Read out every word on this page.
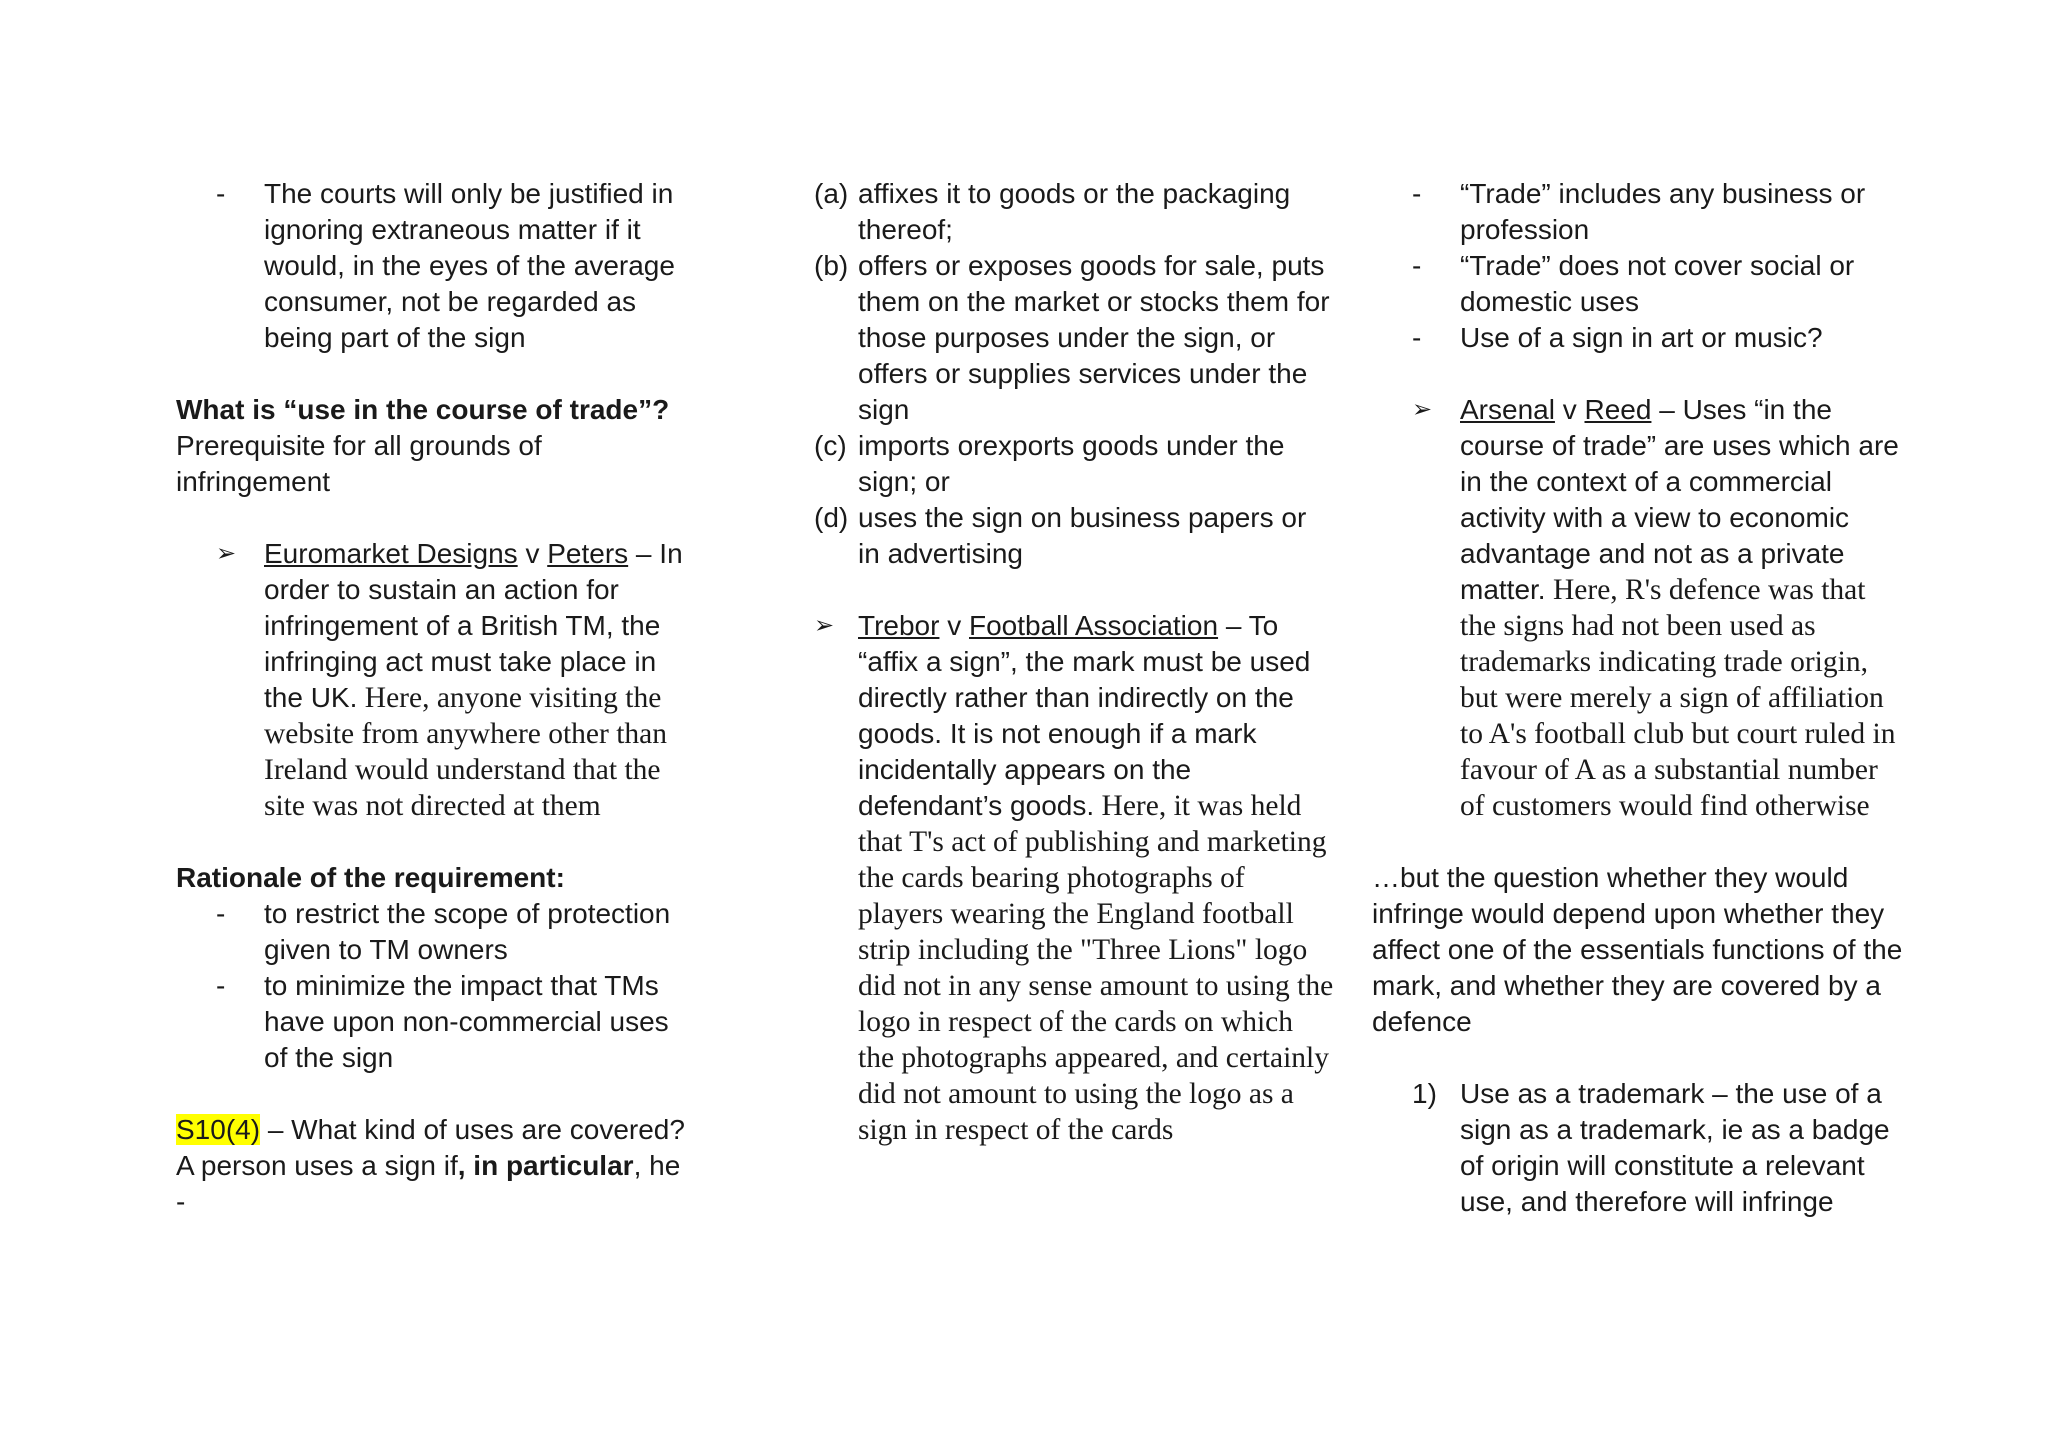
-	The courts will only be justified in ignoring extraneous matter if it would, in the eyes of the average consumer, not be regarded as being part of the sign

What is “use in the course of trade”?

Prerequisite for all grounds of infringement

➢ Euromarket Designs v Peters – In order to sustain an action for infringement of a British TM, the infringing act must take place in the UK. Here, anyone visiting the website from anywhere other than Ireland would understand that the site was not directed at them

Rationale of the requirement:

-	to restrict the scope of protection given to TM owners
-	to minimize the impact that TMs have upon non-commercial uses of the sign

S10(4) – What kind of uses are covered?

A person uses a sign if, in particular, he -

(a) affixes it to goods or the packaging thereof;
(b) offers or exposes goods for sale, puts them on the market or stocks them for those purposes under the sign, or offers or supplies services under the sign
(c) imports orexports goods under the sign; or
(d) uses the sign on business papers or in advertising
➢ Trebor v Football Association – To “affix a sign”, the mark must be used directly rather than indirectly on the goods. It is not enough if a mark incidentally appears on the defendant’s goods. Here, it was held that T's act of publishing and marketing the cards bearing photographs of players wearing the England football strip including the "Three Lions" logo did not in any sense amount to using the logo in respect of the cards on which the photographs appeared, and certainly did not amount to using the logo as a sign in respect of the cards
-	“Trade” includes any business or profession
-	“Trade” does not cover social or domestic uses
-	Use of a sign in art or music?
➢ Arsenal v Reed – Uses “in the course of trade” are uses which are in the context of a commercial activity with a view to economic advantage and not as a private matter. Here, R's defence was that the signs had not been used as trademarks indicating trade origin, but were merely a sign of affiliation to A's football club but court ruled in favour of A as a substantial number of customers would find otherwise

…but the question whether they would infringe would depend upon whether they affect one of the essentials functions of the mark, and whether they are covered by a defence

1) Use as a trademark – the use of a sign as a trademark, ie as a badge of origin will constitute a relevant use, and therefore will infringe
